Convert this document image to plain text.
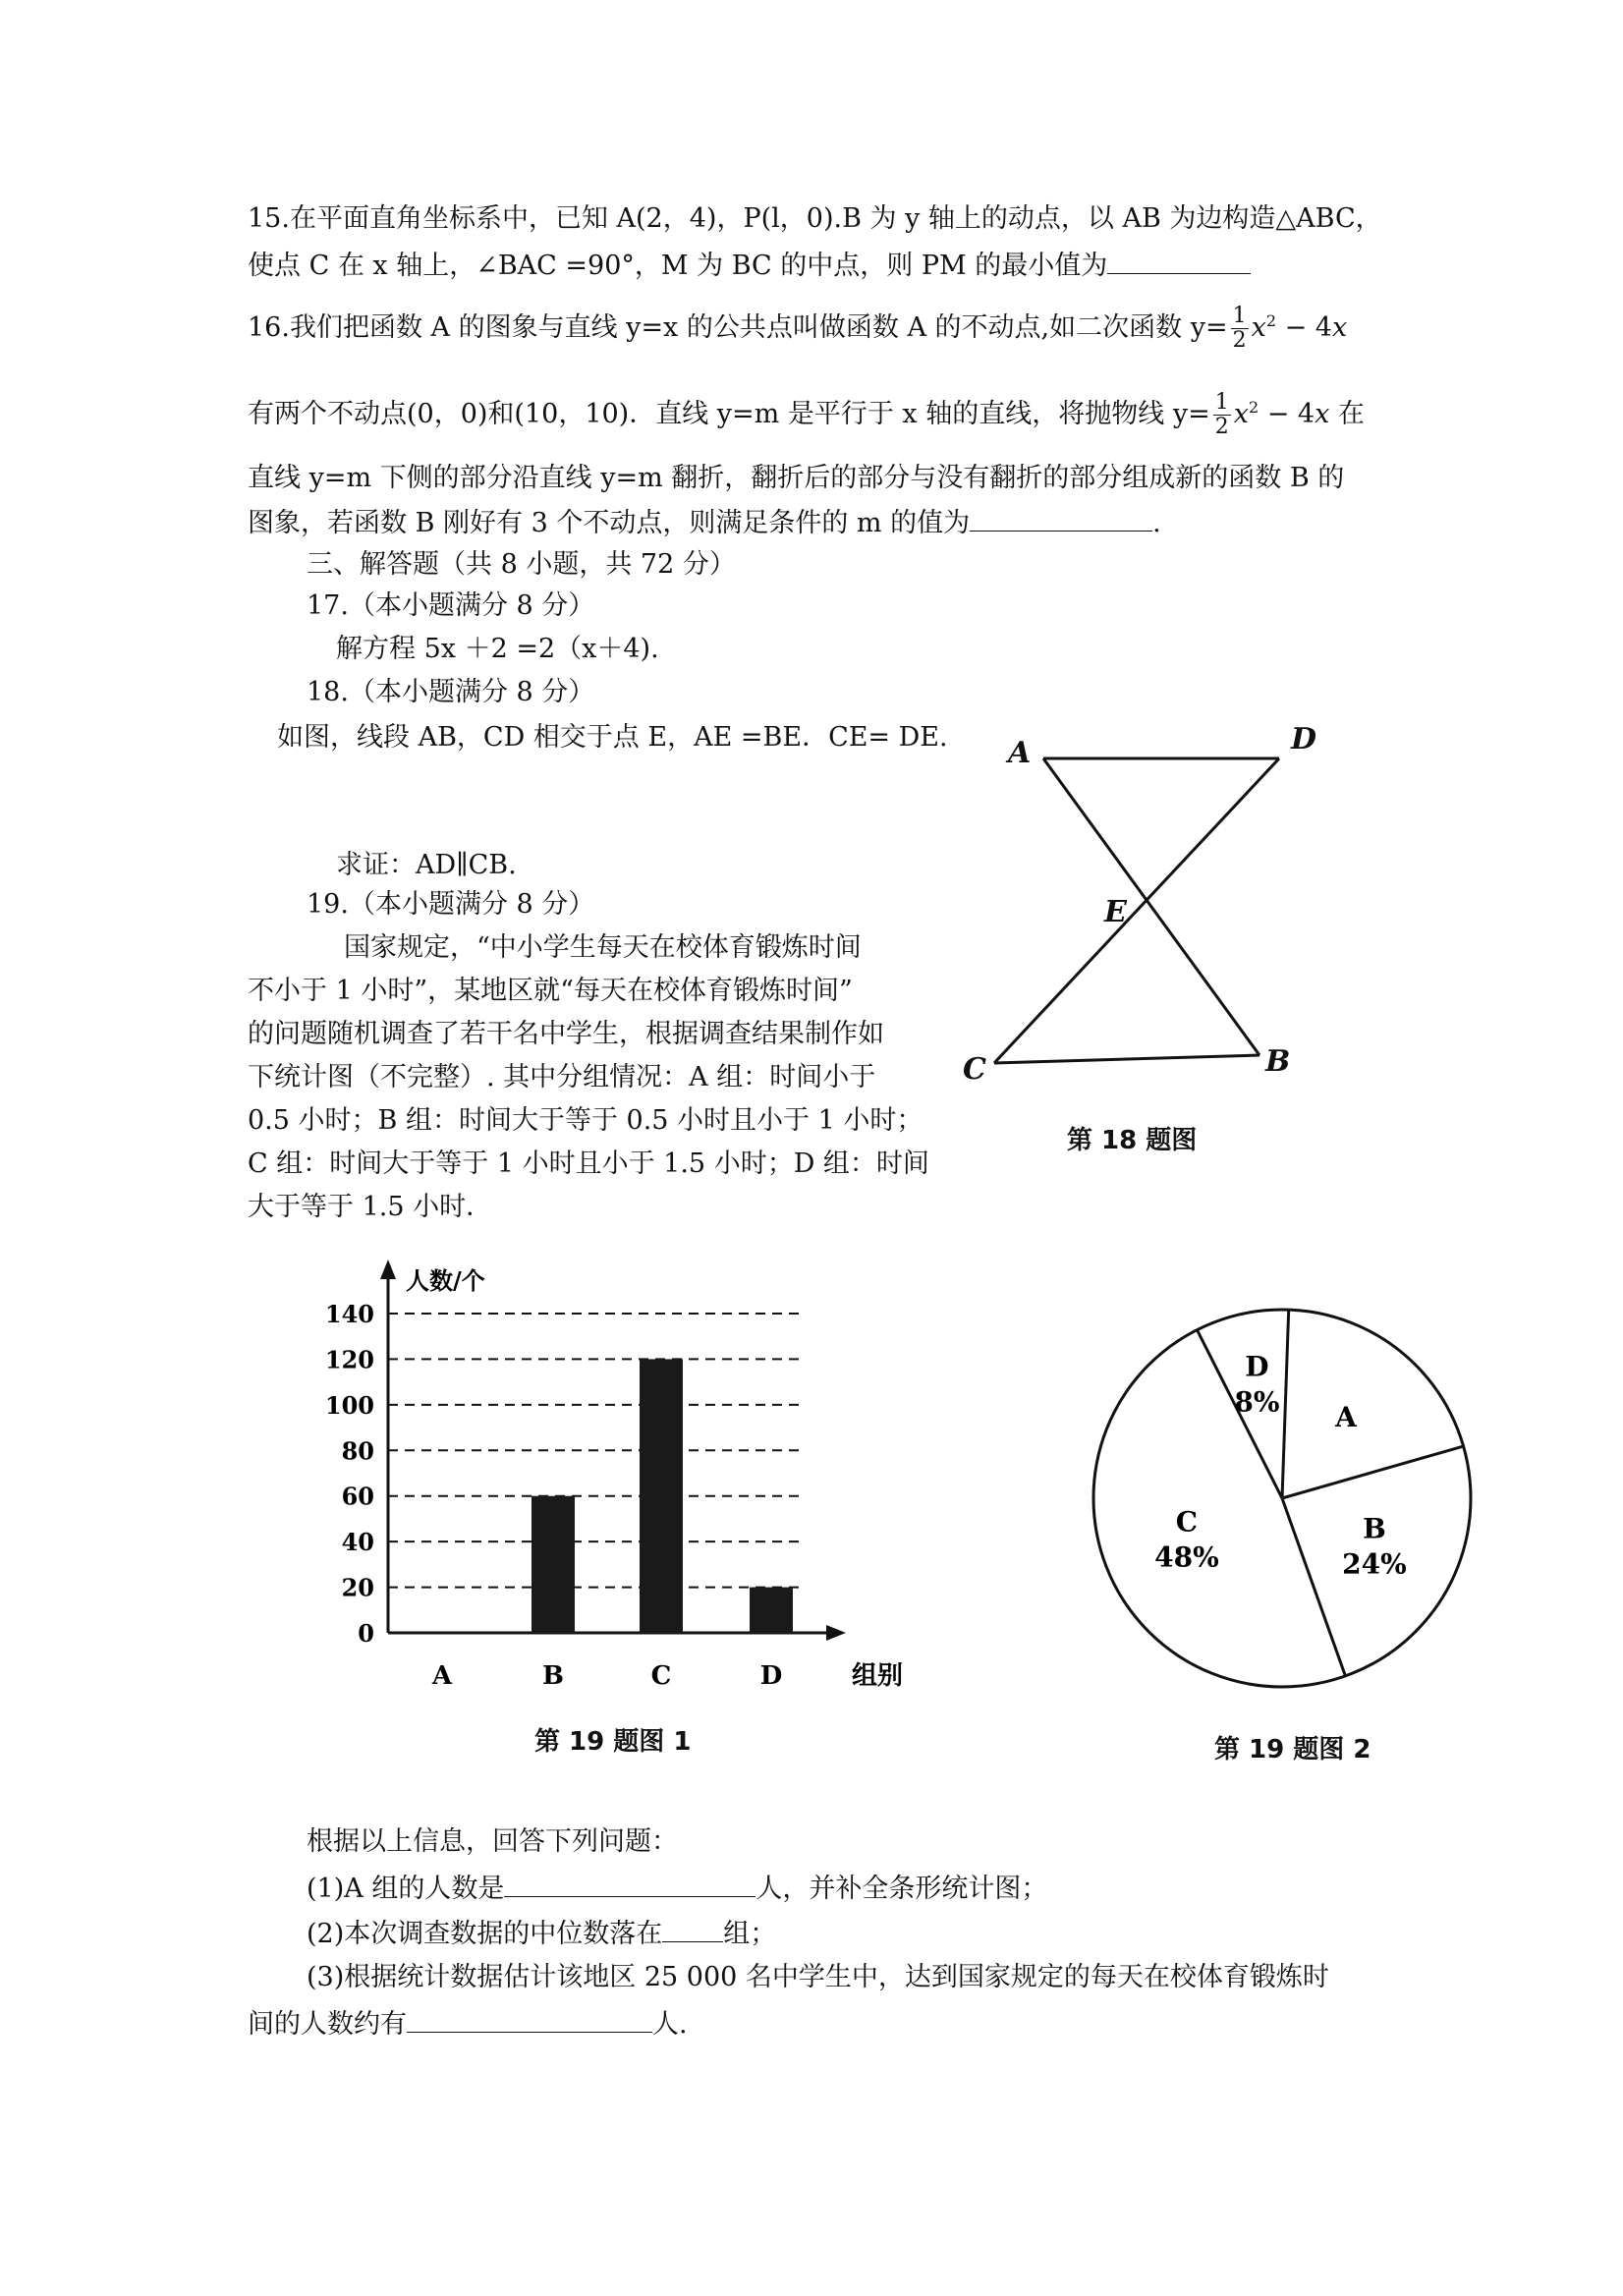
15.在平面直角坐标系中，已知 A(2，4)，P(l，0).B 为 y 轴上的动点，以 AB 为边构造△ABC，
使点 C 在 x 轴上，∠BAC =90°，M 为 BC 的中点，则 PM 的最小值为
16.我们把函数 A 的图象与直线 y=x 的公共点叫做函数 A 的不动点,如二次函数 $y= \frac{1}{2} x^2 - 4x$
有两个不动点(0，0)和(10，10)．直线 y=m 是平行于 x 轴的直线，将抛物线 $y= \frac{1}{2} x^2 - 4x$ 在
直线 y=m 下侧的部分沿直线 y=m 翻折，翻折后的部分与没有翻折的部分组成新的函数 B 的
图象，若函数 B 刚好有 3 个不动点，则满足条件的 m 的值为	.
三、解答题（共 8 小题，共 72 分）
17.（本小题满分 8 分）
解方程 5x ＋2 =2（x＋4).
18.（本小题满分 8 分）
如图，线段 AB，CD 相交于点 E，AE =BE．CE= DE.
求证：AD∥CB.
A	D
E
C	B
第 18 题图
19.（本小题满分 8 分）
国家规定，“中小学生每天在校体育锻炼时间
不小于 1 小时”，某地区就“每天在校体育锻炼时间”
的问题随机调查了若干名中学生，根据调查结果制作如
下统计图（不完整）. 其中分组情况：A 组：时间小于
0.5 小时；B 组：时间大于等于 0.5 小时且小于 1 小时；
C 组：时间大于等于 1 小时且小于 1.5 小时；D 组：时间
大于等于 1.5 小时．
0
20
40
60
80
100
120
140
人数/个
组别
A	B	C	D
第 19 题图 1
A
B
24%
C
48%
D
8%
第 19 题图 2
根据以上信息，回答下列问题：
(1)A 组的人数是	人，并补全条形统计图；
(2)本次调查数据的中位数落在 组；
(3)根据统计数据估计该地区 25 000 名中学生中，达到国家规定的每天在校体育锻炼时
间的人数约有	人.
